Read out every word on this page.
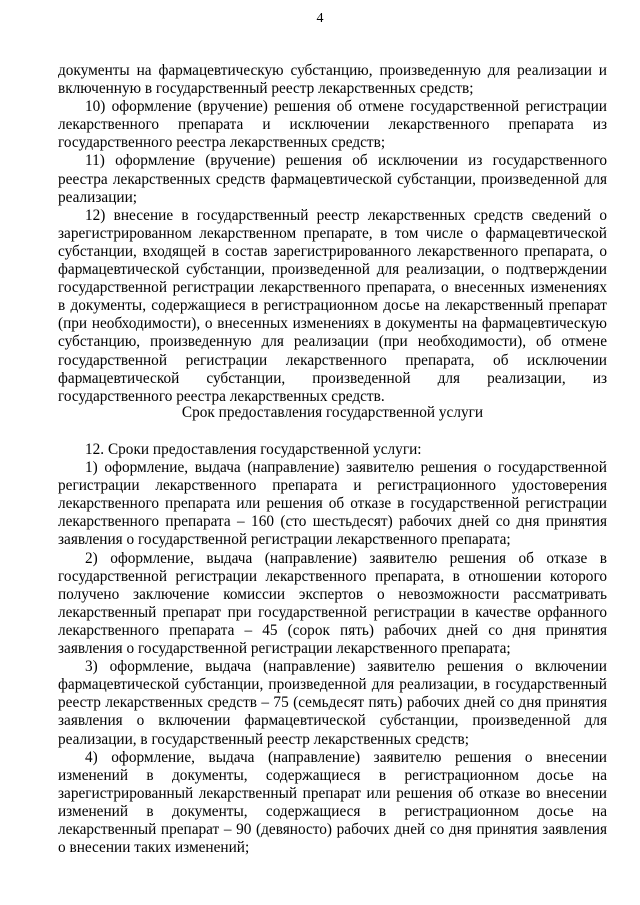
4

документы на фармацевтическую субстанцию, произведенную для реализации и включенную в государственный реестр лекарственных средств;

10) оформление (вручение) решения об отмене государственной регистрации лекарственного препарата и исключении лекарственного препарата из государственного реестра лекарственных средств;

11) оформление (вручение) решения об исключении из государственного реестра лекарственных средств фармацевтической субстанции, произведенной для реализации;

12) внесение в государственный реестр лекарственных средств сведений о зарегистрированном лекарственном препарате, в том числе о фармацевтической субстанции, входящей в состав зарегистрированного лекарственного препарата, о фармацевтической субстанции, произведенной для реализации, о подтверждении государственной регистрации лекарственного препарата, о внесенных изменениях в документы, содержащиеся в регистрационном досье на лекарственный препарат (при необходимости), о внесенных изменениях в документы на фармацевтическую субстанцию, произведенную для реализации (при необходимости), об отмене государственной регистрации лекарственного препарата, об исключении фармацевтической субстанции, произведенной для реализации, из государственного реестра лекарственных средств.

Срок предоставления государственной услуги

12. Сроки предоставления государственной услуги:

1) оформление, выдача (направление) заявителю решения о государственной регистрации лекарственного препарата и регистрационного удостоверения лекарственного препарата или решения об отказе в государственной регистрации лекарственного препарата – 160 (сто шестьдесят) рабочих дней со дня принятия заявления о государственной регистрации лекарственного препарата;

2) оформление, выдача (направление) заявителю решения об отказе в государственной регистрации лекарственного препарата, в отношении которого получено заключение комиссии экспертов о невозможности рассматривать лекарственный препарат при государственной регистрации в качестве орфанного лекарственного препарата – 45 (сорок пять) рабочих дней со дня принятия заявления о государственной регистрации лекарственного препарата;

3) оформление, выдача (направление) заявителю решения о включении фармацевтической субстанции, произведенной для реализации, в государственный реестр лекарственных средств – 75 (семьдесят пять) рабочих дней со дня принятия заявления о включении фармацевтической субстанции, произведенной для реализации, в государственный реестр лекарственных средств;

4) оформление, выдача (направление) заявителю решения о внесении изменений в документы, содержащиеся в регистрационном досье на зарегистрированный лекарственный препарат или решения об отказе во внесении изменений в документы, содержащиеся в регистрационном досье на лекарственный препарат – 90 (девяносто) рабочих дней со дня принятия заявления о внесении таких изменений;
